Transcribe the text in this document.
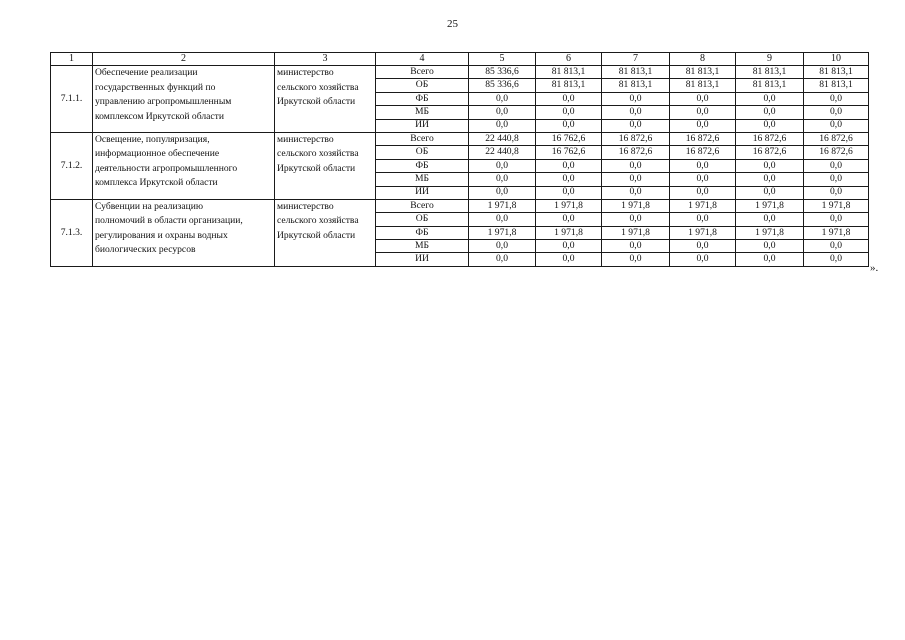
25
1	2	3	4	5	6	7	8	9	10
7.1.1.	Обеспечение реализации
государственных функций по
управлению агропромышленным
комплексом Иркутской области	министерство
сельского хозяйства
Иркутской области	Всего	85 336,6	81 813,1	81 813,1	81 813,1	81 813,1	81 813,1
			ОБ	85 336,6	81 813,1	81 813,1	81 813,1	81 813,1	81 813,1
			ФБ	0,0	0,0	0,0	0,0	0,0	0,0
			МБ	0,0	0,0	0,0	0,0	0,0	0,0
			ИИ	0,0	0,0	0,0	0,0	0,0	0,0
7.1.2.	Освещение, популяризация,
информационное обеспечение
деятельности агропромышленного
комплекса Иркутской области	министерство
сельского хозяйства
Иркутской области	Всего	22 440,8	16 762,6	16 872,6	16 872,6	16 872,6	16 872,6
			ОБ	22 440,8	16 762,6	16 872,6	16 872,6	16 872,6	16 872,6
			ФБ	0,0	0,0	0,0	0,0	0,0	0,0
			МБ	0,0	0,0	0,0	0,0	0,0	0,0
			ИИ	0,0	0,0	0,0	0,0	0,0	0,0
7.1.3.	Субвенции на реализацию
полномочий в области организации,
регулирования и охраны водных
биологических ресурсов	министерство
сельского хозяйства
Иркутской области	Всего	1 971,8	1 971,8	1 971,8	1 971,8	1 971,8	1 971,8
			ОБ	0,0	0,0	0,0	0,0	0,0	0,0
			ФБ	1 971,8	1 971,8	1 971,8	1 971,8	1 971,8	1 971,8
			МБ	0,0	0,0	0,0	0,0	0,0	0,0
			ИИ	0,0	0,0	0,0	0,0	0,0	0,0
».
